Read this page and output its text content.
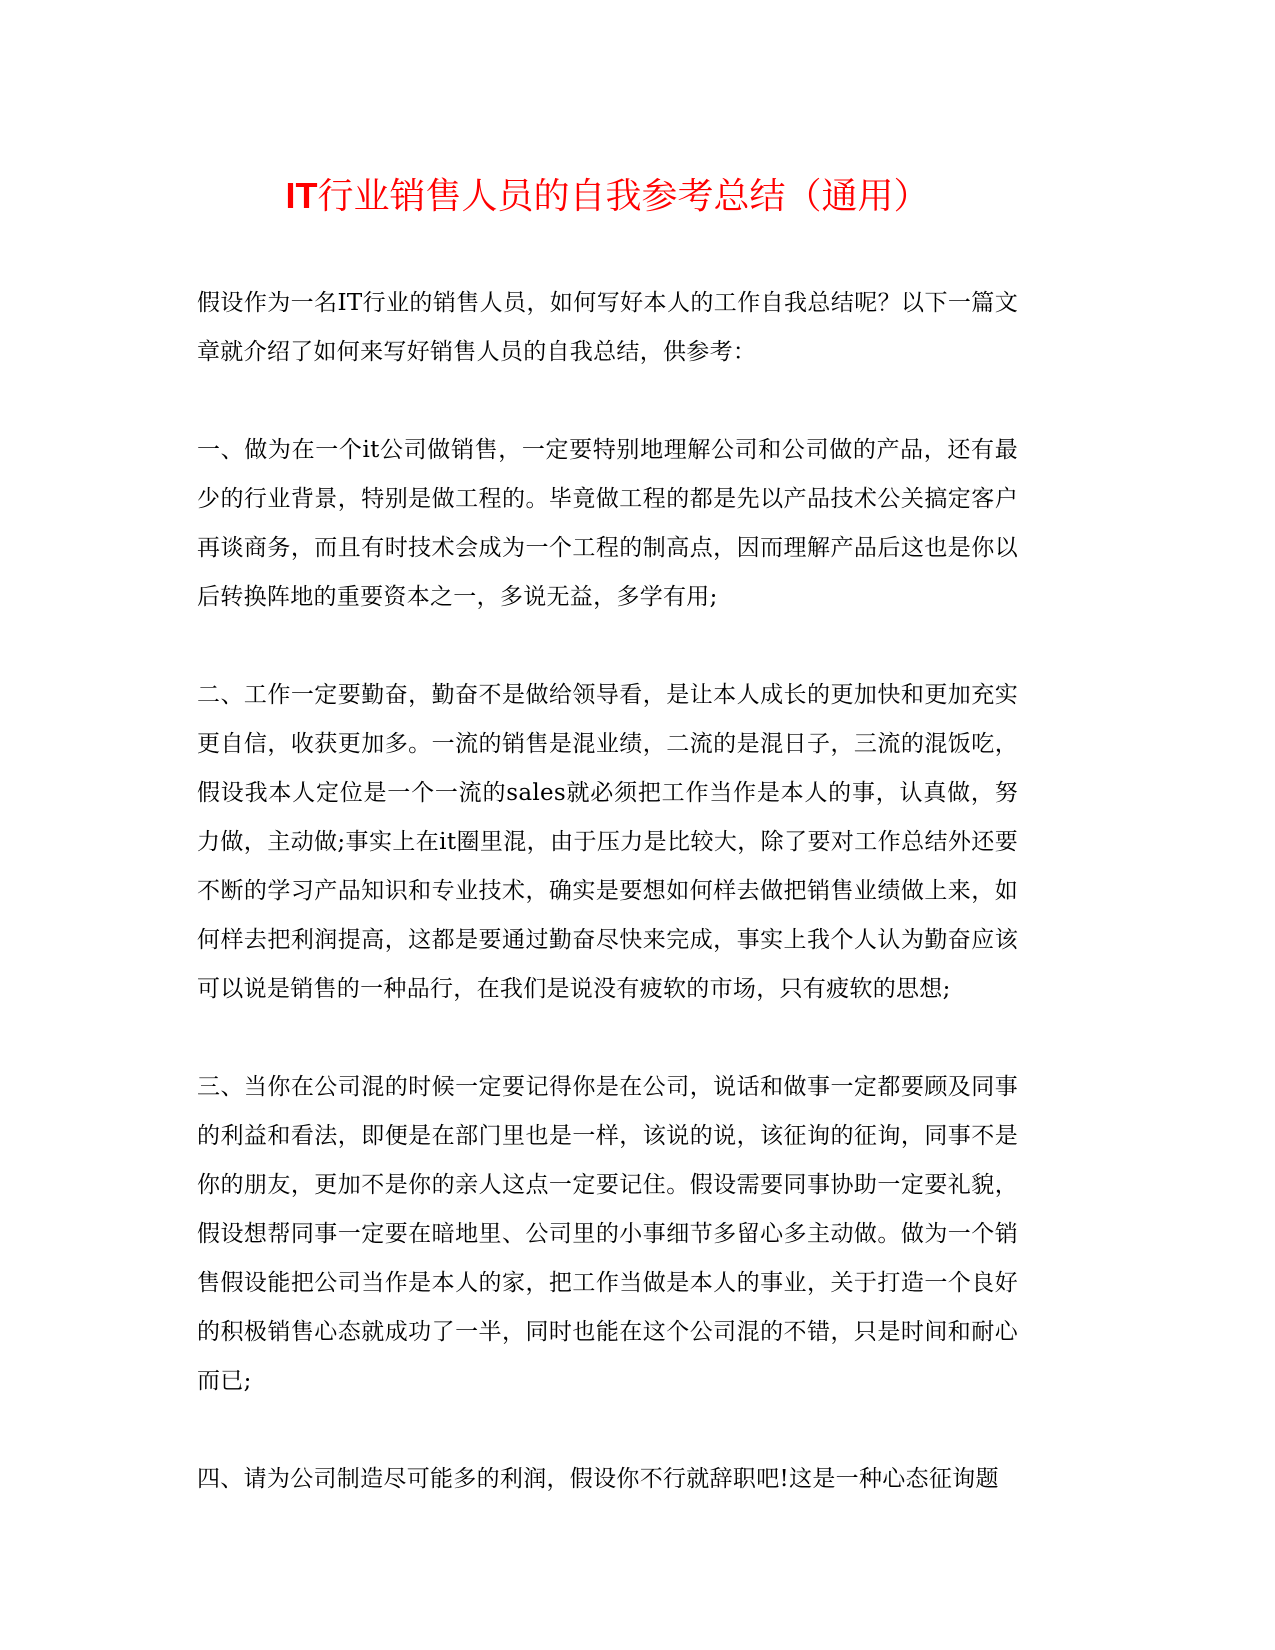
IT行业销售人员的自我参考总结（通用）

假设作为一名IT行业的销售人员，如何写好本人的工作自我总结呢？以下一篇文章就介绍了如何来写好销售人员的自我总结，供参考：

一、做为在一个it公司做销售，一定要特别地理解公司和公司做的产品，还有最少的行业背景，特别是做工程的。毕竟做工程的都是先以产品技术公关搞定客户再谈商务，而且有时技术会成为一个工程的制高点，因而理解产品后这也是你以后转换阵地的重要资本之一，多说无益，多学有用;

二、工作一定要勤奋，勤奋不是做给领导看，是让本人成长的更加快和更加充实更自信，收获更加多。一流的销售是混业绩，二流的是混日子，三流的混饭吃，假设我本人定位是一个一流的sales就必须把工作当作是本人的事，认真做，努力做，主动做;事实上在it圈里混，由于压力是比较大，除了要对工作总结外还要不断的学习产品知识和专业技术，确实是要想如何样去做把销售业绩做上来，如何样去把利润提高，这都是要通过勤奋尽快来完成，事实上我个人认为勤奋应该可以说是销售的一种品行，在我们是说没有疲软的市场，只有疲软的思想;

三、当你在公司混的时候一定要记得你是在公司，说话和做事一定都要顾及同事的利益和看法，即便是在部门里也是一样，该说的说，该征询的征询，同事不是你的朋友，更加不是你的亲人这点一定要记住。假设需要同事协助一定要礼貌，假设想帮同事一定要在暗地里、公司里的小事细节多留心多主动做。做为一个销售假设能把公司当作是本人的家，把工作当做是本人的事业，关于打造一个良好的积极销售心态就成功了一半，同时也能在这个公司混的不错，只是时间和耐心而已;

四、请为公司制造尽可能多的利润，假设你不行就辞职吧!这是一种心态征询题
